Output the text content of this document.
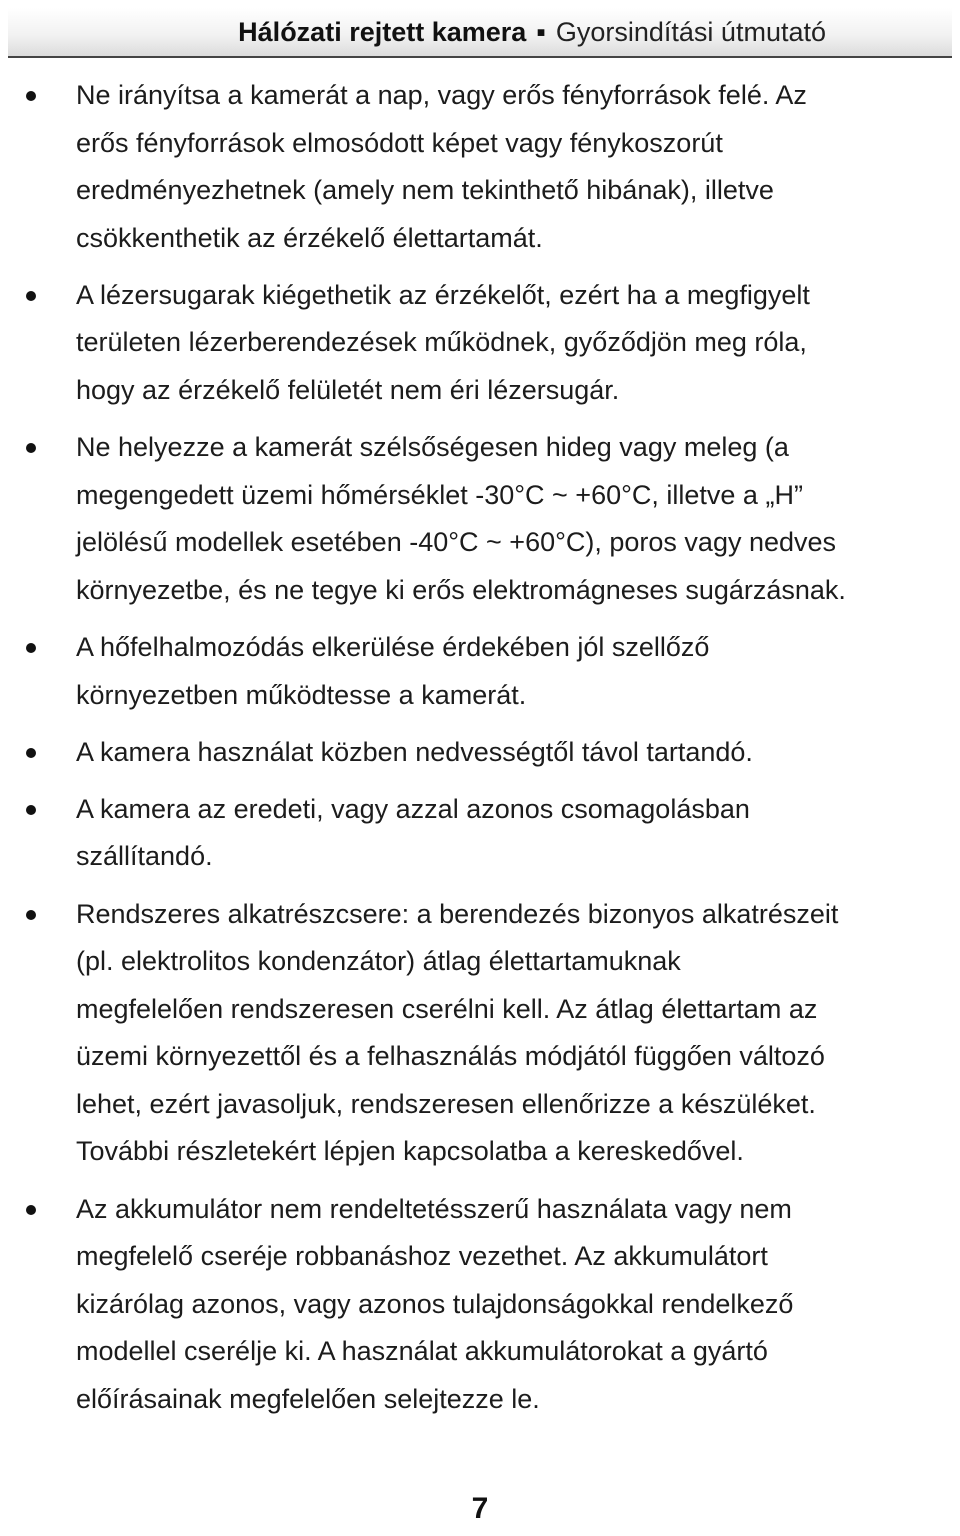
Hálózati rejtett kamera ▪ Gyorsindítási útmutató
Ne irányítsa a kamerát a nap, vagy erős fényforrások felé. Az
erős fényforrások elmosódott képet vagy fénykoszorút
eredményezhetnek (amely nem tekinthető hibának), illetve
csökkenthetik az érzékelő élettartamát.
A lézersugarak kiégethetik az érzékelőt, ezért ha a megfigyelt
területen lézerberendezések működnek, győződjön meg róla,
hogy az érzékelő felületét nem éri lézersugár.
Ne helyezze a kamerát szélsőségesen hideg vagy meleg (a
megengedett üzemi hőmérséklet -30°C ~ +60°C, illetve a „H”
jelölésű modellek esetében -40°C ~ +60°C), poros vagy nedves
környezetbe, és ne tegye ki erős elektromágneses sugárzásnak.
A hőfelhalmozódás elkerülése érdekében jól szellőző
környezetben működtesse a kamerát.
A kamera használat közben nedvességtől távol tartandó.
A kamera az eredeti, vagy azzal azonos csomagolásban
szállítandó.
Rendszeres alkatrészcsere: a berendezés bizonyos alkatrészeit
(pl. elektrolitos kondenzátor) átlag élettartamuknak
megfelelően rendszeresen cserélni kell. Az átlag élettartam az
üzemi környezettől és a felhasználás módjától függően változó
lehet, ezért javasoljuk, rendszeresen ellenőrizze a készüléket.
További részletekért lépjen kapcsolatba a kereskedővel.
Az akkumulátor nem rendeltetésszerű használata vagy nem
megfelelő cseréje robbanáshoz vezethet. Az akkumulátort
kizárólag azonos, vagy azonos tulajdonságokkal rendelkező
modellel cserélje ki. A használat akkumulátorokat a gyártó
előírásainak megfelelően selejtezze le.
7
